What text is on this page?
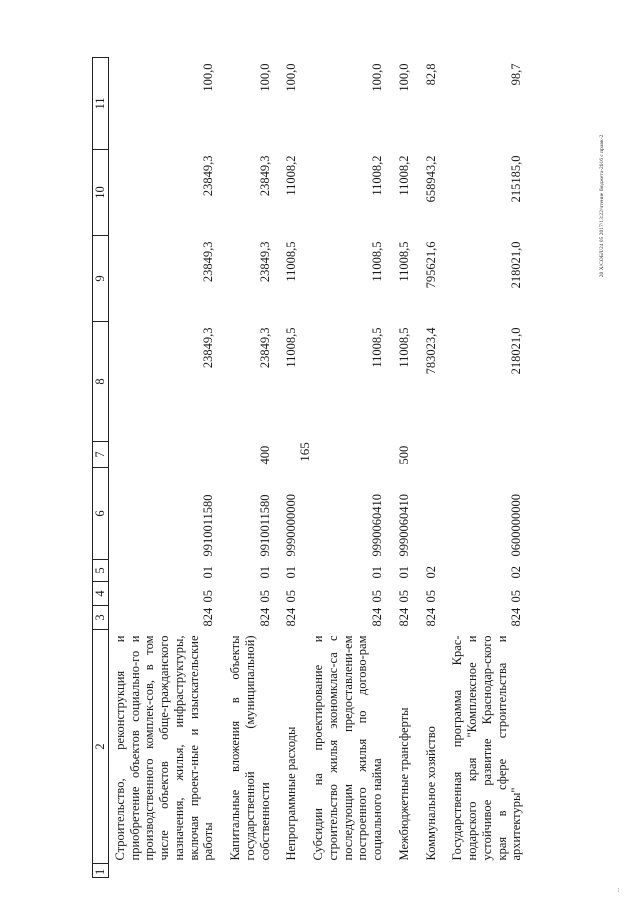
165
20 Х/СОБЛ/24 05 2017/13:22/чтение бюджета-2016 с правк-2
...
1	2	3	4	5	6	7	8	9	10	11
	Строительство, реконструкция и приобретение объектов социально-го и производственного комплек-сов, в том числе объектов обще-гражданского назначения, жилья, инфраструктуры, включая проект-ные и изыскательские работы	824	05	01	9910011580		23849,3	23849,3	23849,3	100,0

	Капитальные вложения в объекты государственной (муниципальной) собственности	824	05	01	9910011580	400	23849,3	23849,3	23849,3	100,0

	Непрограммные расходы	824	05	01	9990000000		11008,5	11008,5	11008,2	100,0

	Субсидии на проектирование и строительство жилья экономклас-са с последующим предоставлени-ем построенного жилья по догово-рам социального найма	824	05	01	9990060410		11008,5	11008,5	11008,2	100,0

	Межбюджетные трансферты	824	05	01	9990060410	500	11008,5	11008,5	11008,2	100,0

	Коммунальное хозяйство	824	05	02			783023,4	795621,6	658943,2	82,8

	Государственная программа Крас-нодарского края "Комплексное и устойчивое развитие Краснодар-ского края в сфере строительства и архитектуры"	824	05	02	0600000000		218021,0	218021,0	215185,0	98,7
